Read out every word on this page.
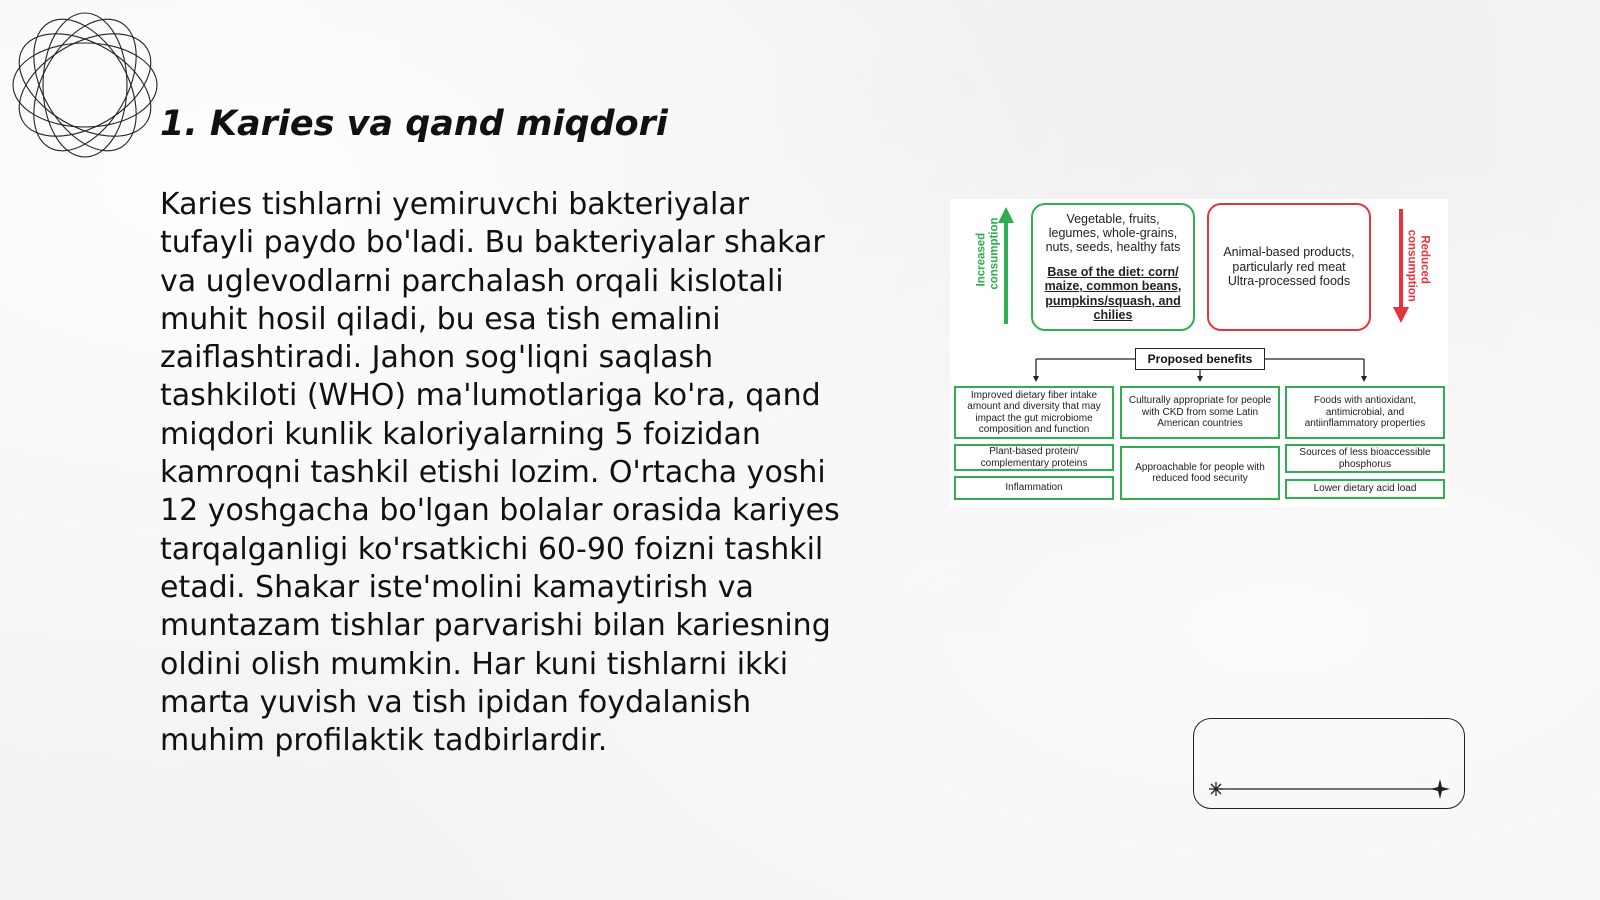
1. Karies va qand miqdori

Karies tishlarni yemiruvchi bakteriyalar tufayli paydo bo'ladi. Bu bakteriyalar shakar va uglevodlarni parchalash orqali kislotali muhit hosil qiladi, bu esa tish emalini zaiflashtiradi. Jahon sog'liqni saqlash tashkiloti (WHO) ma'lumotlariga ko'ra, qand miqdori kunlik kaloriyalarning 5 foizidan kamroqni tashkil etishi lozim. O'rtacha yoshi 12 yoshgacha bo'lgan bolalar orasida kariyes tarqalganligi ko'rsatkichi 60-90 foizni tashkil etadi. Shakar iste'molini kamaytirish va muntazam tishlar parvarishi bilan kariesning oldini olish mumkin. Har kuni tishlarni ikki marta yuvish va tish ipidan foydalanish muhim profilaktik tadbirlardir.

Increased consumption	Reduced
consumption
Vegetable, fruits, legumes, whole-grains, nuts, seeds, healthy fats
Base of the diet: corn/ maize, common beans, pumpkins/squash, and chilies
Animal-based products, particularly red meat Ultra-processed foods
Proposed benefits
Improved dietary fiber intake amount and diversity that may impact the gut microbiome composition and function
Plant-based protein/ complementary proteins
Inflammation
Culturally appropriate for people with CKD from some Latin American countries
Approachable for people with reduced food security
Foods with antioxidant, antimicrobial, and antiinflammatory properties
Sources of less bioaccessible phosphorus
Lower dietary acid load
